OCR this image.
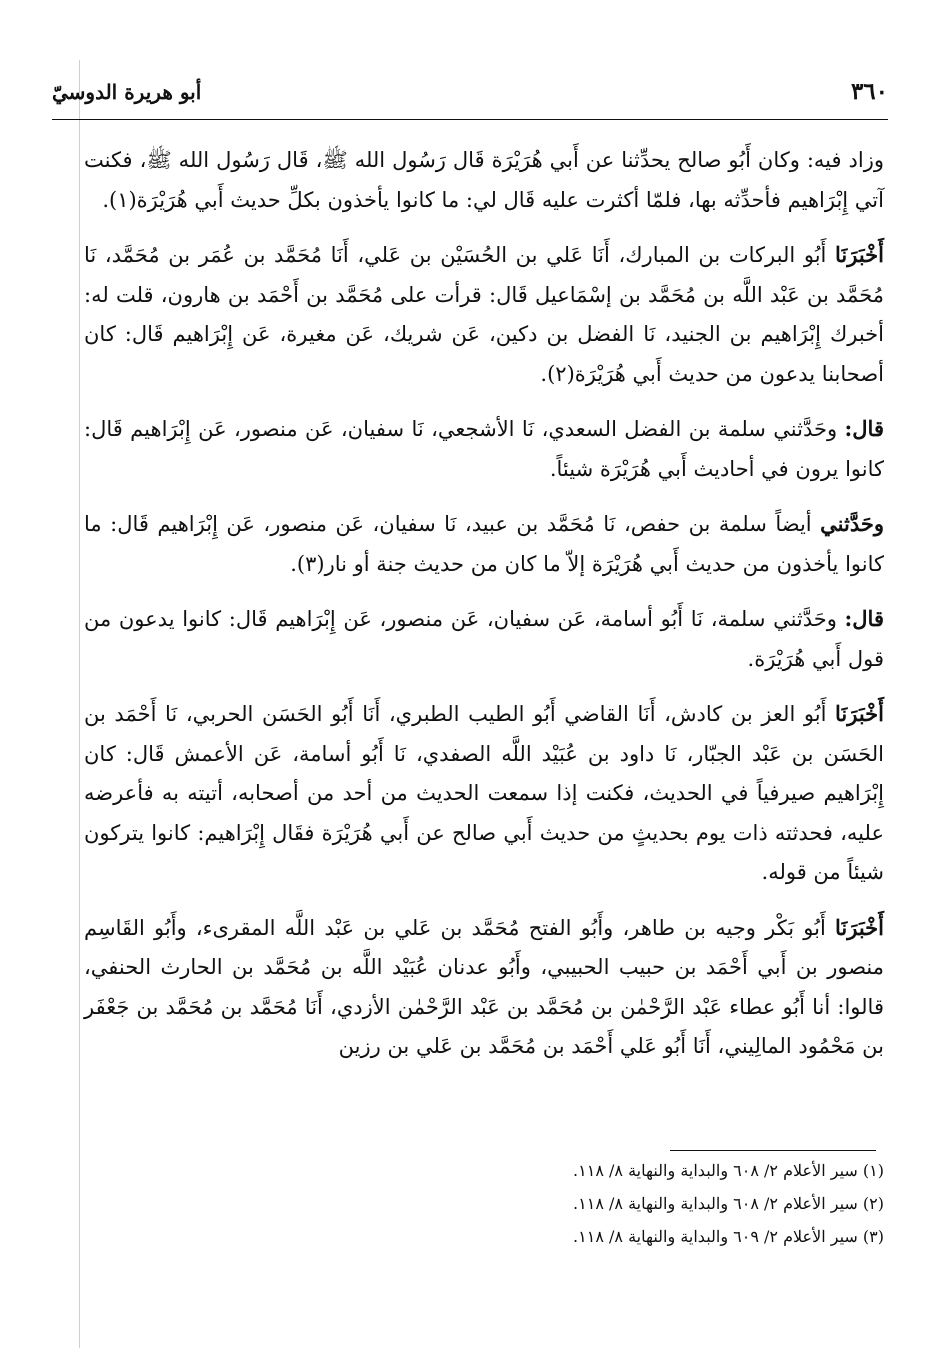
٣٦٠
أبو هريرة الدوسيّ

وزاد فيه: وكان أَبُو صالح يحدِّثنا عن أَبي هُرَيْرَة قَال رَسُول الله ﷺ، قَال رَسُول الله ﷺ، فكنت آتي إِبْرَاهيم فأحدِّثه بها، فلمّا أكثرت عليه قَال لي: ما كانوا يأخذون بكلِّ حديث أَبي هُرَيْرَة(١).

أَخْبَرَنَا أَبُو البركات بن المبارك، أَنَا عَلي بن الحُسَيْن بن عَلي، أَنَا مُحَمَّد بن عُمَر بن مُحَمَّد، نَا مُحَمَّد بن عَبْد اللَّه بن مُحَمَّد بن إسْمَاعيل قَال: قرأت على مُحَمَّد بن أَحْمَد بن هارون، قلت له: أخبرك إِبْرَاهيم بن الجنيد، نَا الفضل بن دكين، عَن شريك، عَن مغيرة، عَن إِبْرَاهيم قَال: كان أصحابنا يدعون من حديث أَبي هُرَيْرَة(٢).

قال: وحَدَّثني سلمة بن الفضل السعدي، نَا الأشجعي، نَا سفيان، عَن منصور، عَن إِبْرَاهيم قَال: كانوا يرون في أحاديث أَبي هُرَيْرَة شيئاً.

وحَدَّثني أيضاً سلمة بن حفص، نَا مُحَمَّد بن عبيد، نَا سفيان، عَن منصور، عَن إِبْرَاهيم قَال: ما كانوا يأخذون من حديث أَبي هُرَيْرَة إلاّ ما كان من حديث جنة أو نار(٣).

قال: وحَدَّثني سلمة، نَا أَبُو أسامة، عَن سفيان، عَن منصور، عَن إِبْرَاهيم قَال: كانوا يدعون من قول أَبي هُرَيْرَة.

أَخْبَرَنَا أَبُو العز بن كادش، أَنَا القاضي أَبُو الطيب الطبري، أَنَا أَبُو الحَسَن الحربي، نَا أَحْمَد بن الحَسَن بن عَبْد الجبّار، نَا داود بن عُبَيْد اللَّه الصفدي، نَا أَبُو أسامة، عَن الأعمش قَال: كان إِبْرَاهيم صيرفياً في الحديث، فكنت إذا سمعت الحديث من أحد من أصحابه، أتيته به فأعرضه عليه، فحدثته ذات يوم بحديثٍ من حديث أَبي صالح عن أَبي هُرَيْرَة فقَال إِبْرَاهيم: كانوا يتركون شيئاً من قوله.

أَخْبَرَنَا أَبُو بَكْر وجيه بن طاهر، وأَبُو الفتح مُحَمَّد بن عَلي بن عَبْد اللَّه المقرىء، وأَبُو القَاسِم منصور بن أَبي أَحْمَد بن حبيب الحبيبي، وأَبُو عدنان عُبَيْد اللَّه بن مُحَمَّد بن الحارث الحنفي، قالوا: أنا أَبُو عطاء عَبْد الرَّحْمٰن بن مُحَمَّد بن عَبْد الرَّحْمٰن الأزدي، أَنَا مُحَمَّد بن مُحَمَّد بن جَعْفَر بن مَحْمُود المالِيني، أَنَا أَبُو عَلي أَحْمَد بن مُحَمَّد بن عَلي بن رزين

(١) سير الأعلام ٢/ ٦٠٨ والبداية والنهاية ٨/ ١١٨.
(٢) سير الأعلام ٢/ ٦٠٨ والبداية والنهاية ٨/ ١١٨.
(٣) سير الأعلام ٢/ ٦٠٩ والبداية والنهاية ٨/ ١١٨.
